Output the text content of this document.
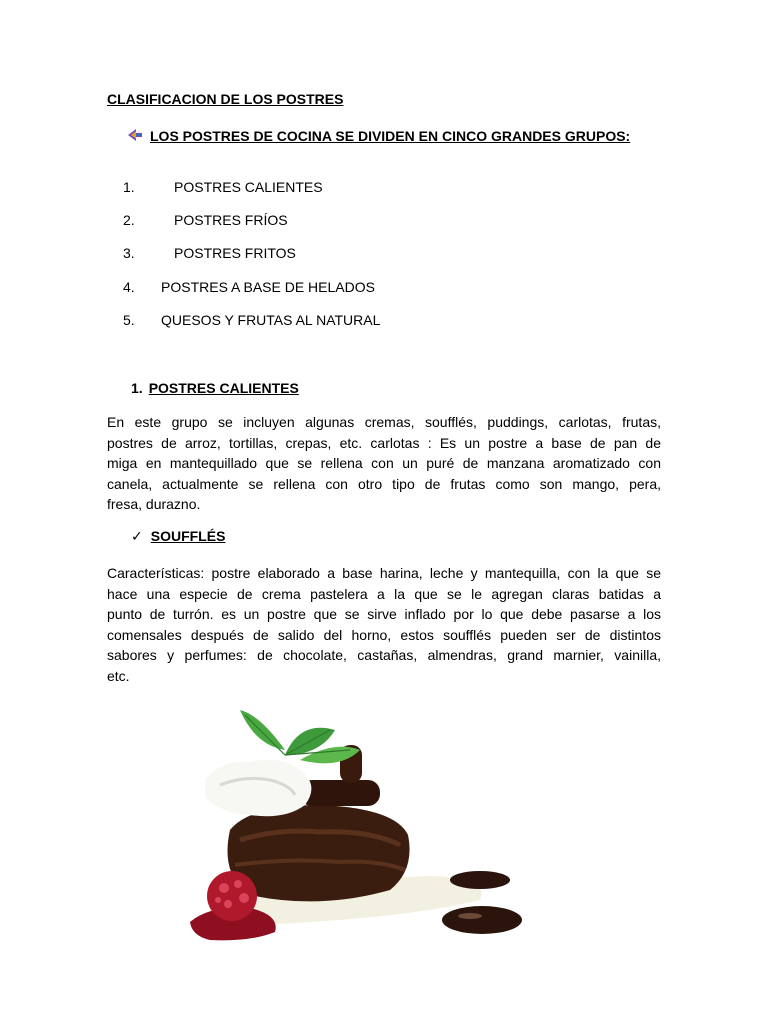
CLASIFICACION DE LOS POSTRES
LOS POSTRES DE COCINA SE DIVIDEN EN CINCO GRANDES GRUPOS:
1.	POSTRES CALIENTES
2.	POSTRES FRÍOS
3.	POSTRES FRITOS
4. POSTRES A BASE DE HELADOS
5. QUESOS Y FRUTAS AL NATURAL
1. POSTRES CALIENTES

En este grupo se incluyen algunas cremas, soufflés, puddings, carlotas, frutas,
postres de arroz, tortillas, crepas, etc. carlotas : Es un postre a base de pan de
miga en mantequillado que se rellena con un puré de manzana aromatizado con
canela, actualmente se rellena con otro tipo de frutas como son mango, pera,
fresa, durazno.

✓ SOUFFLÉS

Características: postre elaborado a base harina, leche y mantequilla, con la que se
hace una especie de crema pastelera a la que se le agregan claras batidas a
punto de turrón. es un postre que se sirve inflado por lo que debe pasarse a los
comensales después de salido del horno, estos soufflés pueden ser de distintos
sabores y perfumes: de chocolate, castañas, almendras, grand marnier, vainilla,
etc.
